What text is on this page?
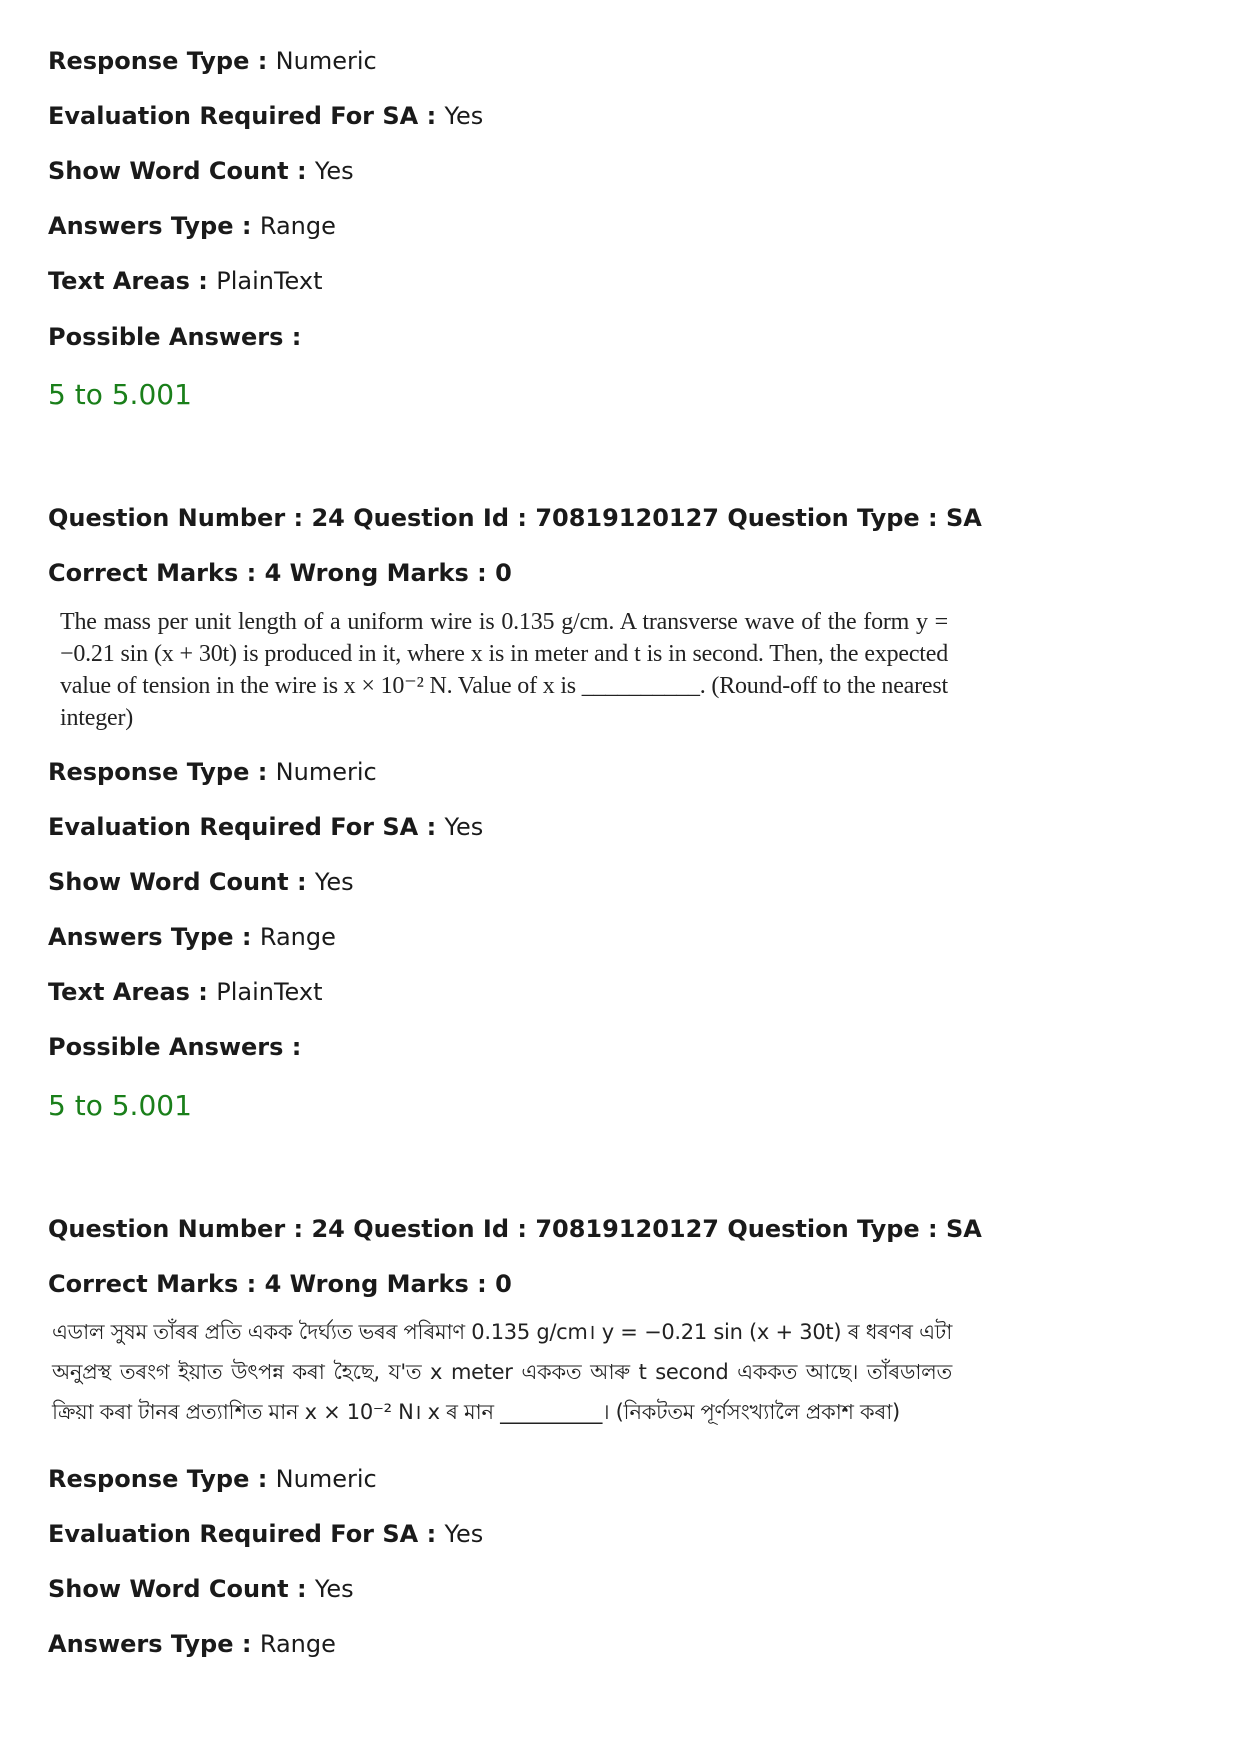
Response Type : Numeric
Evaluation Required For SA : Yes
Show Word Count : Yes
Answers Type : Range
Text Areas : PlainText
Possible Answers :
5 to 5.001
Question Number : 24 Question Id : 70819120127 Question Type : SA
Correct Marks : 4 Wrong Marks : 0
The mass per unit length of a uniform wire is 0.135 g/cm. A transverse wave of the form y = −0.21 sin (x + 30t) is produced in it, where x is in meter and t is in second. Then, the expected value of tension in the wire is x × 10⁻² N. Value of x is __________. (Round-off to the nearest integer)
Response Type : Numeric
Evaluation Required For SA : Yes
Show Word Count : Yes
Answers Type : Range
Text Areas : PlainText
Possible Answers :
5 to 5.001
Question Number : 24 Question Id : 70819120127 Question Type : SA
Correct Marks : 4 Wrong Marks : 0
এডাল সুষম তাঁৰৰ প্ৰতি একক দৈৰ্ঘ্যত ভৰৰ পৰিমাণ 0.135 g/cm। y = −0.21 sin (x + 30t) ৰ ধৰণৰ এটা অনুপ্ৰস্থ তৰংগ ইয়াত উৎপন্ন কৰা হৈছে, য'ত x meter এককত আৰু t second এককত আছে। তাঁৰডালত ক্ৰিয়া কৰা টানৰ প্ৰত্যাশিত মান x × 10⁻² N। x ৰ মান __________। (নিকটতম পূৰ্ণসংখ্যালৈ প্ৰকাশ কৰা)
Response Type : Numeric
Evaluation Required For SA : Yes
Show Word Count : Yes
Answers Type : Range
